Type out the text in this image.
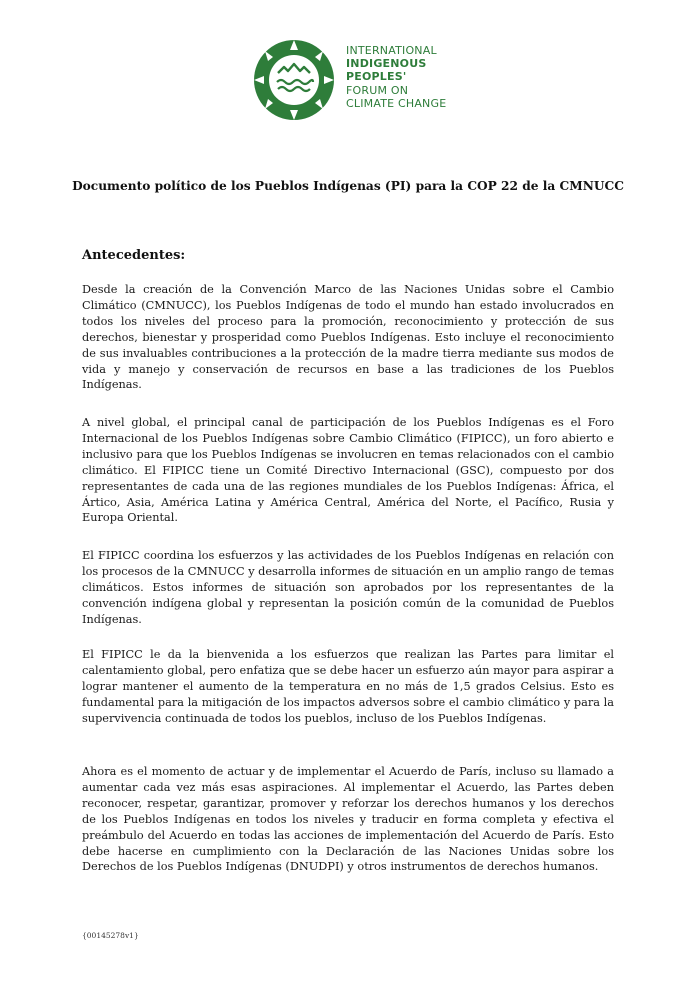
INTERNATIONAL
INDIGENOUS
PEOPLES'
FORUM ON
CLIMATE CHANGE
Documento político de los Pueblos Indígenas (PI) para la COP 22 de la CMNUCC
Antecedentes:

Desde la creación de la Convención Marco de las Naciones Unidas sobre el Cambio Climático (CMNUCC), los Pueblos Indígenas de todo el mundo han estado involucrados en todos los niveles del proceso para la promoción, reconocimiento y protección de sus derechos, bienestar y prosperidad como Pueblos Indígenas. Esto incluye el reconocimiento de sus invaluables contribuciones a la protección de la madre tierra mediante sus modos de vida y manejo y conservación de recursos en base a las tradiciones de los Pueblos Indígenas.

A nivel global, el principal canal de participación de los Pueblos Indígenas es el Foro Internacional de los Pueblos Indígenas sobre Cambio Climático (FIPICC), un foro abierto e inclusivo para que los Pueblos Indígenas se involucren en temas relacionados con el cambio climático. El FIPICC tiene un Comité Directivo Internacional (GSC), compuesto por dos representantes de cada una de las regiones mundiales de los Pueblos Indígenas: África, el Ártico, Asia, América Latina y América Central, América del Norte, el Pacífico, Rusia y Europa Oriental.

El FIPICC coordina los esfuerzos y las actividades de los Pueblos Indígenas en relación con los procesos de la CMNUCC y desarrolla informes de situación en un amplio rango de temas climáticos. Estos informes de situación son aprobados por los representantes de la convención indígena global y representan la posición común de la comunidad de Pueblos Indígenas.

El FIPICC le da la bienvenida a los esfuerzos que realizan las Partes para limitar el calentamiento global, pero enfatiza que se debe hacer un esfuerzo aún mayor para aspirar a lograr mantener el aumento de la temperatura en no más de 1,5 grados Celsius. Esto es fundamental para la mitigación de los impactos adversos sobre el cambio climático y para la supervivencia continuada de todos los pueblos, incluso de los Pueblos Indígenas.

Ahora es el momento de actuar y de implementar el Acuerdo de París, incluso su llamado a aumentar cada vez más esas aspiraciones. Al implementar el Acuerdo, las Partes deben reconocer, respetar, garantizar, promover y reforzar los derechos humanos y los derechos de los Pueblos Indígenas en todos los niveles y traducir en forma completa y efectiva el preámbulo del Acuerdo en todas las acciones de implementación del Acuerdo de París. Esto debe hacerse en cumplimiento con la Declaración de las Naciones Unidas sobre los Derechos de los Pueblos Indígenas (DNUDPI) y otros instrumentos de derechos humanos.

{00145278v1}
